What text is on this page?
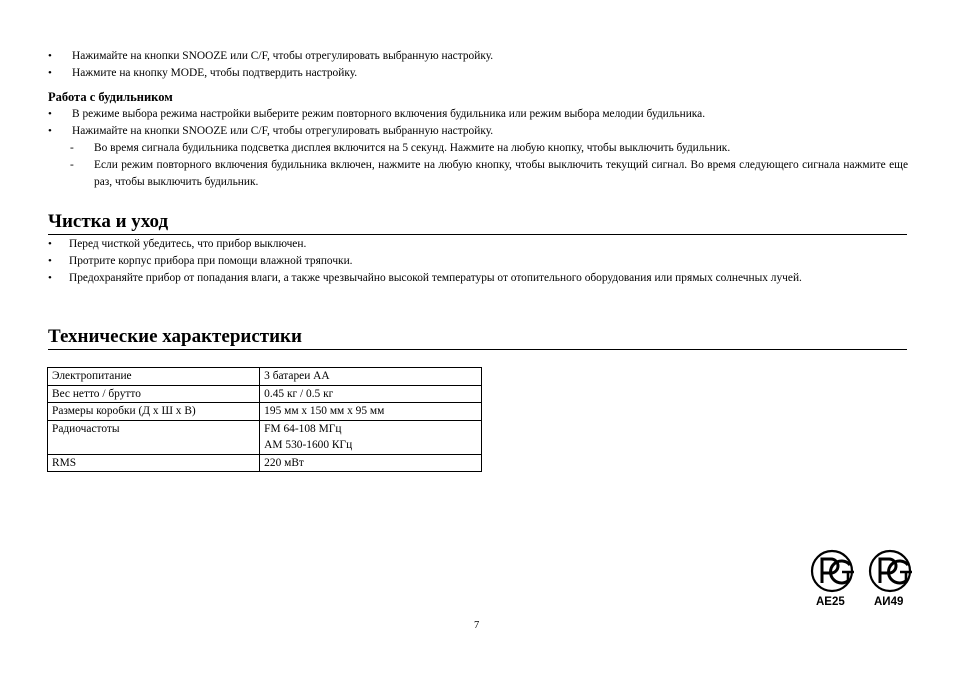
• Нажимайте на кнопки SNOOZE или C/F, чтобы отрегулировать выбранную настройку.
• Нажмите на кнопку MODE, чтобы подтвердить настройку.
Работа с будильником
• В режиме выбора режима настройки выберите режим повторного включения будильника или режим выбора мелодии будильника.
• Нажимайте на кнопки SNOOZE или C/F, чтобы отрегулировать выбранную настройку.
- Во время сигнала будильника подсветка дисплея включится на 5 секунд. Нажмите на любую кнопку, чтобы выключить будильник.
- Если режим повторного включения будильника включен, нажмите на любую кнопку, чтобы выключить текущий сигнал. Во время следующего сигнала нажмите еще раз, чтобы выключить будильник.
Чистка и уход
• Перед чисткой убедитесь, что прибор выключен.
• Протрите корпус прибора при помощи влажной тряпочки.
• Предохраняйте прибор от попадания влаги, а также чрезвычайно высокой температуры от отопительного оборудования или прямых солнечных лучей.
Технические характеристики
Электропитание	3 батареи АА
Вес нетто / брутто	0.45 кг / 0.5 кг
Размеры коробки (Д х Ш х В)	195 мм х 150 мм х 95 мм
Радиочастоты	FM 64-108 МГц
АМ 530-1600 КГц

RMS	220 мВт
AE25	АИ49
7
